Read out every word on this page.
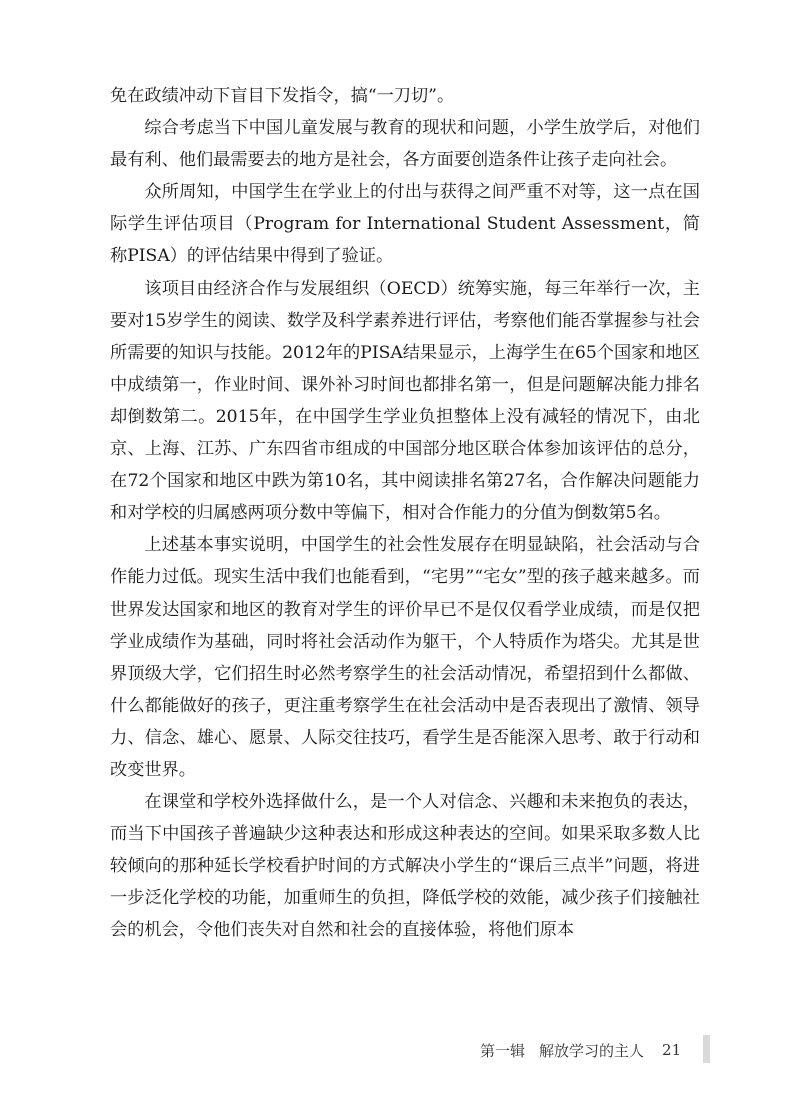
免在政绩冲动下盲目下发指令，搞“一刀切”。

综合考虑当下中国儿童发展与教育的现状和问题，小学生放学后，对他们最有利、他们最需要去的地方是社会，各方面要创造条件让孩子走向社会。

众所周知，中国学生在学业上的付出与获得之间严重不对等，这一点在国际学生评估项目（Program for International Student Assessment，简称PISA）的评估结果中得到了验证。

该项目由经济合作与发展组织（OECD）统筹实施，每三年举行一次，主要对15岁学生的阅读、数学及科学素养进行评估，考察他们能否掌握参与社会所需要的知识与技能。2012年的PISA结果显示，上海学生在65个国家和地区中成绩第一，作业时间、课外补习时间也都排名第一，但是问题解决能力排名却倒数第二。2015年，在中国学生学业负担整体上没有减轻的情况下，由北京、上海、江苏、广东四省市组成的中国部分地区联合体参加该评估的总分，在72个国家和地区中跌为第10名，其中阅读排名第27名，合作解决问题能力和对学校的归属感两项分数中等偏下，相对合作能力的分值为倒数第5名。

上述基本事实说明，中国学生的社会性发展存在明显缺陷，社会活动与合作能力过低。现实生活中我们也能看到，“宅男”“宅女”型的孩子越来越多。而世界发达国家和地区的教育对学生的评价早已不是仅仅看学业成绩，而是仅把学业成绩作为基础，同时将社会活动作为躯干，个人特质作为塔尖。尤其是世界顶级大学，它们招生时必然考察学生的社会活动情况，希望招到什么都做、什么都能做好的孩子，更注重考察学生在社会活动中是否表现出了激情、领导力、信念、雄心、愿景、人际交往技巧，看学生是否能深入思考、敢于行动和改变世界。

在课堂和学校外选择做什么，是一个人对信念、兴趣和未来抱负的表达，而当下中国孩子普遍缺少这种表达和形成这种表达的空间。如果采取多数人比较倾向的那种延长学校看护时间的方式解决小学生的“课后三点半”问题，将进一步泛化学校的功能，加重师生的负担，降低学校的效能，减少孩子们接触社会的机会，令他们丧失对自然和社会的直接体验，将他们原本

第一辑 解放学习的主人 21
